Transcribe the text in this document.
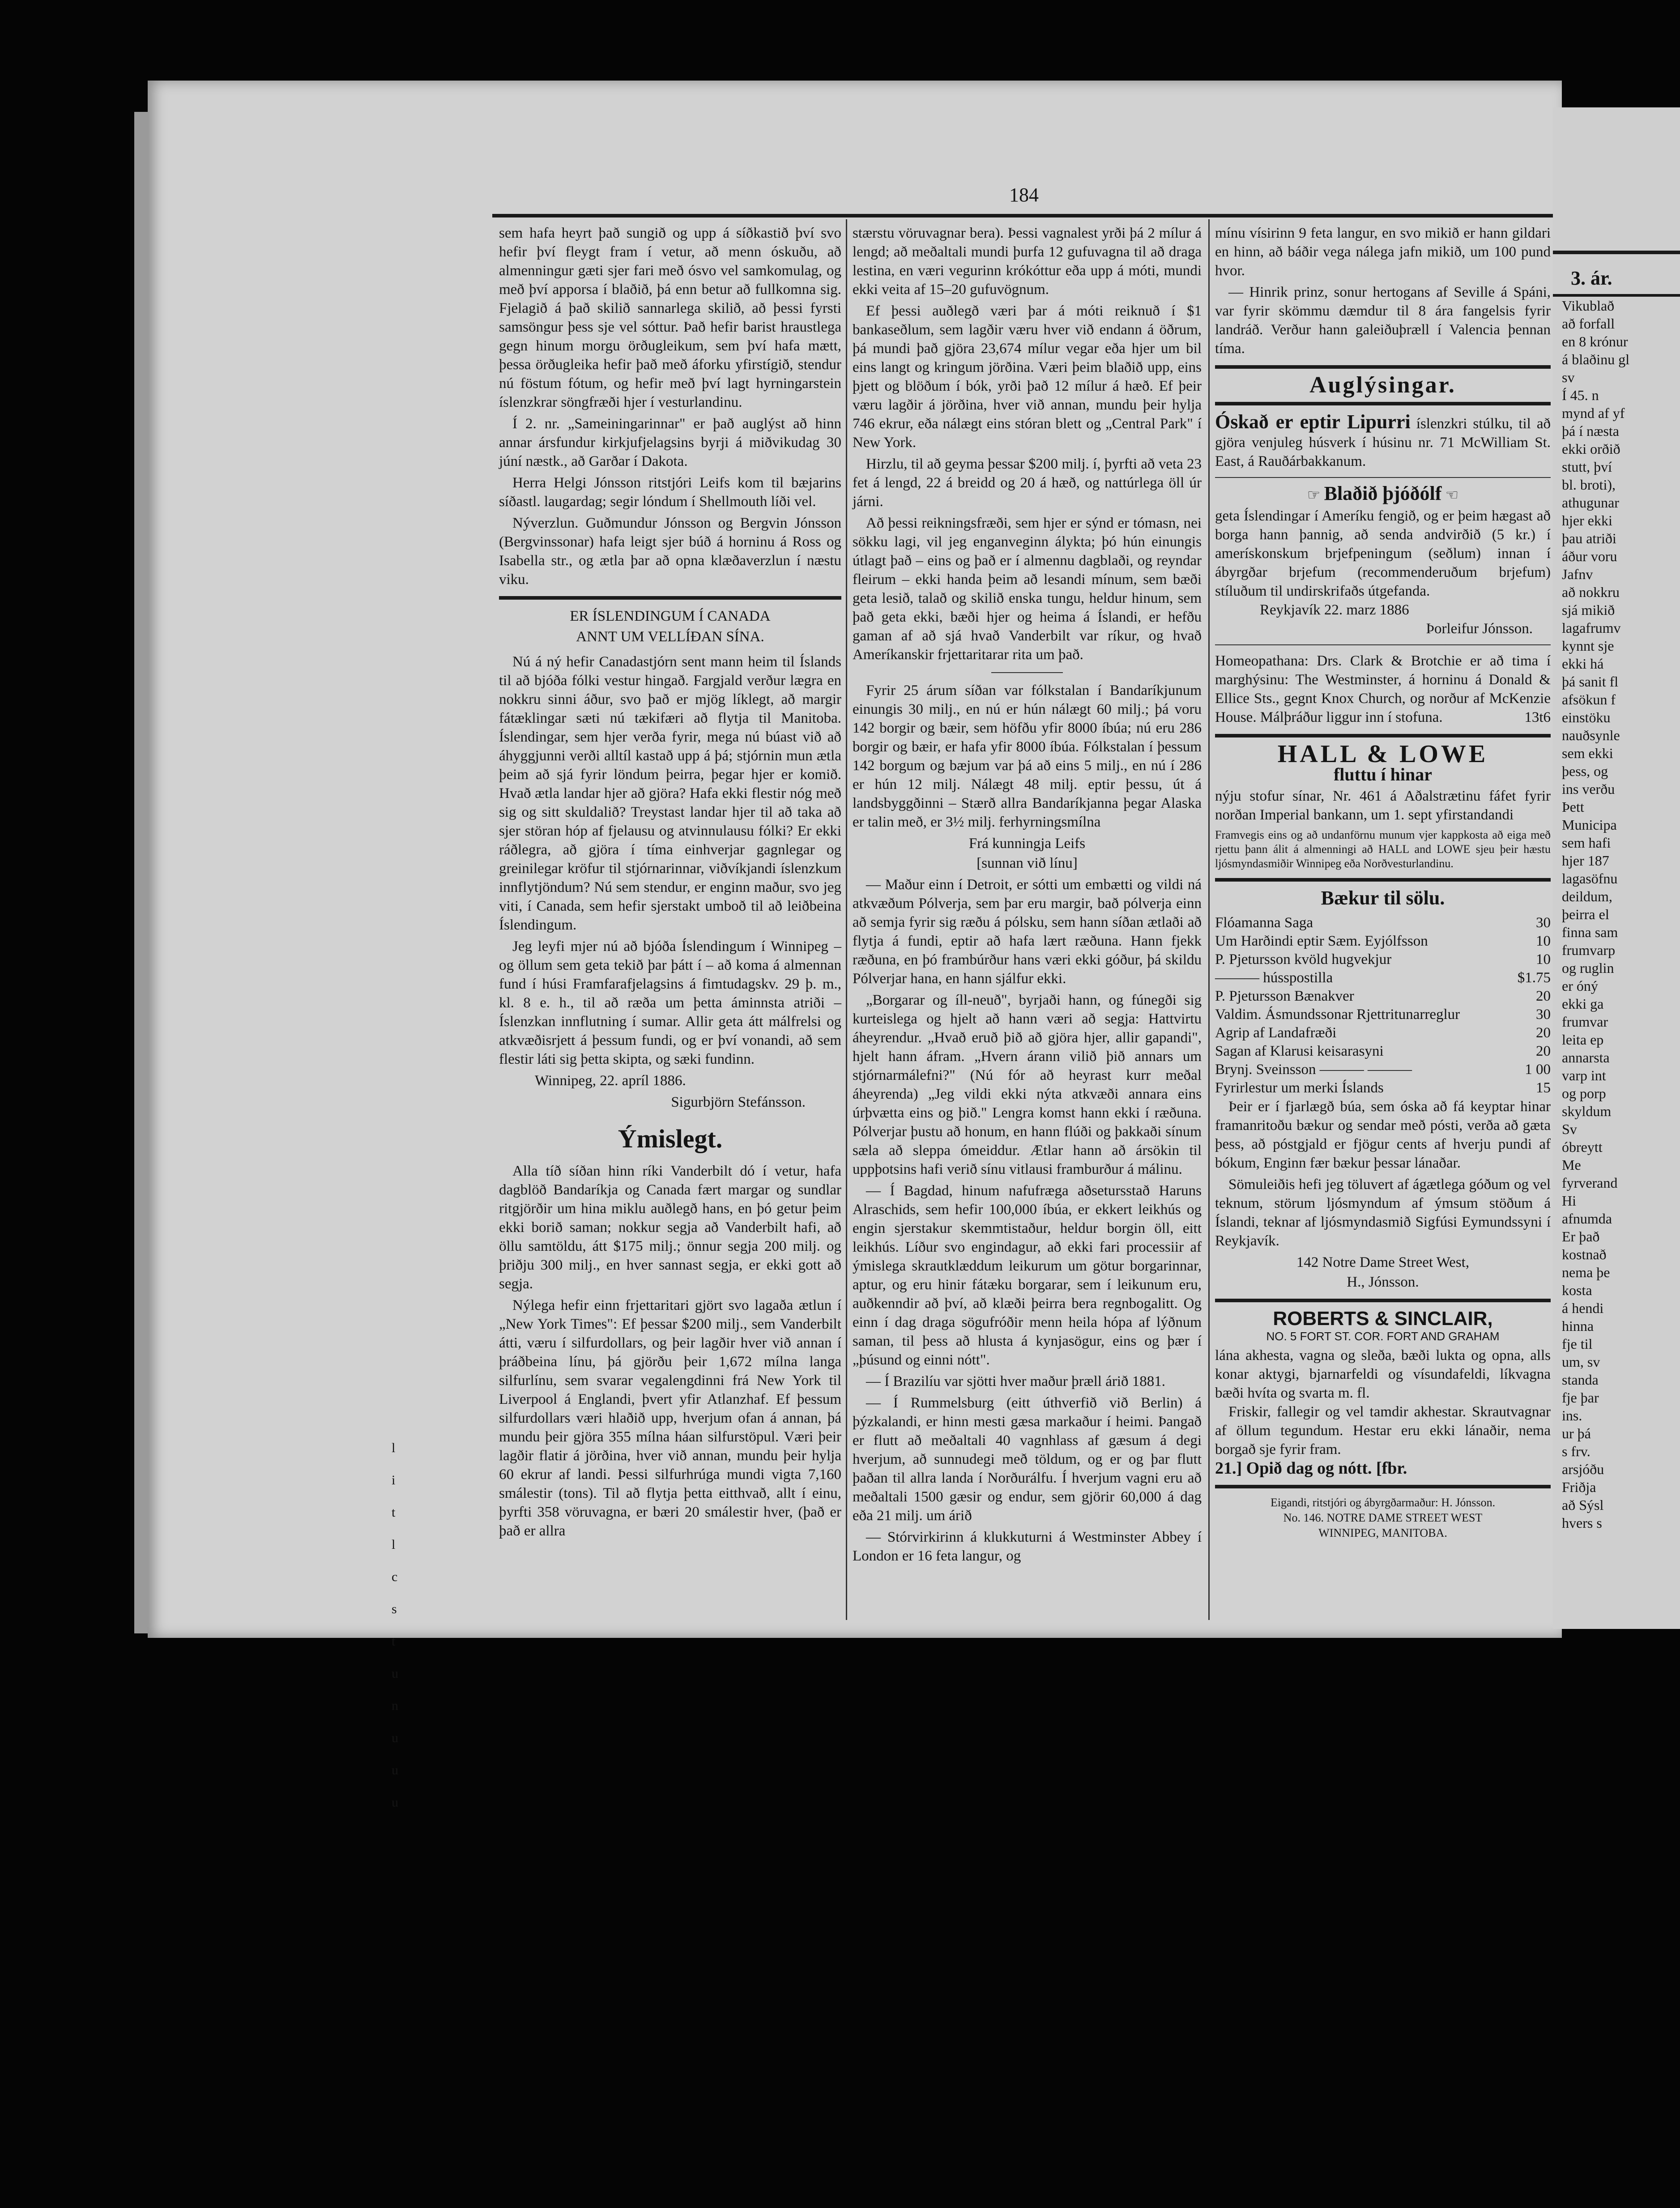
184
l
i
t
l
c
s
t
u
n
u
u
u

sem hafa heyrt það sungið og upp á síðkastið því svo hefir því fleygt fram í vetur, að menn óskuðu, að almenningur gæti sjer fari með ósvo vel samkomulag, og með því apporsa í blaðið, þá enn betur að fullkomna sig. Fjelagið á það skilið sannarlega skilið, að þessi fyrsti samsöngur þess sje vel sóttur. Það hefir barist hraustlega gegn hinum morgu örðugleikum, sem því hafa mætt, þessa örðugleika hefir það með áforku yfirstígið, stendur nú föstum fótum, og hefir með því lagt hyrningarstein íslenzkrar söngfræði hjer í vesturlandinu.

Í 2. nr. „Sameiningarinnar" er það auglýst að hinn annar ársfundur kirkjufjelagsins byrji á miðvikudag 30 júní næstk., að Garðar í Dakota.

Herra Helgi Jónsson ritstjóri Leifs kom til bæjarins síðastl. laugardag; segir lóndum í Shellmouth líði vel.

Nýverzlun. Guðmundur Jónsson og Bergvin Jónsson (Bergvinssonar) hafa leigt sjer búð á horninu á Ross og Isabella str., og ætla þar að opna klæðaverzlun í næstu viku.

ER ÍSLENDINGUM Í CANADA
ANNT UM VELLÍÐAN SÍNA.

Nú á ný hefir Canadastjórn sent mann heim til Íslands til að bjóða fólki vestur hingað. Fargjald verður lægra en nokkru sinni áður, svo það er mjög líklegt, að margir fátæklingar sæti nú tækifæri að flytja til Manitoba. Íslendingar, sem hjer verða fyrir, mega nú búast við að áhyggjunni verði alltíl kastað upp á þá; stjórnin mun ætla þeim að sjá fyrir löndum þeirra, þegar hjer er komið. Hvað ætla landar hjer að gjöra? Hafa ekki flestir nóg með sig og sitt skuldalið? Treystast landar hjer til að taka að sjer störan hóp af fjelausu og atvinnulausu fólki? Er ekki ráðlegra, að gjöra í tíma einhverjar gagnlegar og greinilegar kröfur til stjórnarinnar, viðvíkjandi íslenzkum innflytjöndum? Nú sem stendur, er enginn maður, svo jeg viti, í Canada, sem hefir sjerstakt umboð til að leiðbeina Íslendingum.

Jeg leyfi mjer nú að bjóða Íslendingum í Winnipeg – og öllum sem geta tekið þar þátt í – að koma á almennan fund í húsi Framfarafjelagsins á fimtudagskv. 29 þ. m., kl. 8 e. h., til að ræða um þetta áminnsta atriði – Íslenzkan innflutning í sumar. Allir geta átt málfrelsi og atkvæðisrjett á þessum fundi, og er því vonandi, að sem flestir láti sig þetta skipta, og sæki fundinn.

Winnipeg, 22. apríl 1886.

Sigurbjörn Stefánsson.
Ýmislegt.

Alla tíð síðan hinn ríki Vanderbilt dó í vetur, hafa dagblöð Bandaríkja og Canada fært margar og sundlar ritgjörðir um hina miklu auðlegð hans, en þó getur þeim ekki borið saman; nokkur segja að Vanderbilt hafi, að öllu samtöldu, átt $175 milj.; önnur segja 200 milj. og þriðju 300 milj., en hver sannast segja, er ekki gott að segja.

Nýlega hefir einn frjettaritari gjört svo lagaða ætlun í „New York Times": Ef þessar $200 milj., sem Vanderbilt átti, væru í silfurdollars, og þeir lagðir hver við annan í þráðbeina línu, þá gjörðu þeir 1,672 mílna langa silfurlínu, sem svarar vegalengdinni frá New York til Liverpool á Englandi, þvert yfir Atlanzhaf. Ef þessum silfurdollars væri hlaðið upp, hverjum ofan á annan, þá mundu þeir gjöra 355 mílna háan silfurstöpul. Væri þeir lagðir flatir á jörðina, hver við annan, mundu þeir hylja 60 ekrur af landi. Þessi silfurhrúga mundi vigta 7,160 smálestir (tons). Til að flytja þetta eitthvað, allt í einu, þyrfti 358 vöruvagna, er bæri 20 smálestir hver, (það er það er allra

stærstu vöruvagnar bera). Þessi vagnalest yrði þá 2 mílur á lengd; að meðaltali mundi þurfa 12 gufuvagna til að draga lestina, en væri vegurinn krókóttur eða upp á móti, mundi ekki veita af 15–20 gufuvögnum.

Ef þessi auðlegð væri þar á móti reiknuð í $1 bankaseðlum, sem lagðir væru hver við endann á öðrum, þá mundi það gjöra 23,674 mílur vegar eða hjer um bil eins langt og kringum jörðina. Væri þeim blaðið upp, eins þjett og blöðum í bók, yrði það 12 mílur á hæð. Ef þeir væru lagðir á jörðina, hver við annan, mundu þeir hylja 746 ekrur, eða nálægt eins stóran blett og „Central Park" í New York.

Hirzlu, til að geyma þessar $200 milj. í, þyrfti að veta 23 fet á lengd, 22 á breidd og 20 á hæð, og nattúrlega öll úr járni.

Að þessi reikningsfræði, sem hjer er sýnd er tómasn, nei sökku lagi, vil jeg enganveginn álykta; þó hún einungis útlagt það – eins og það er í almennu dagblaði, og reyndar fleirum – ekki handa þeim að lesandi mínum, sem bæði geta lesið, talað og skilið enska tungu, heldur hinum, sem það geta ekki, bæði hjer og heima á Íslandi, er hefðu gaman af að sjá hvað Vanderbilt var ríkur, og hvað Ameríkanskir frjettaritarar rita um það.

Fyrir 25 árum síðan var fólkstalan í Bandaríkjunum einungis 30 milj., en nú er hún nálægt 60 milj.; þá voru 142 borgir og bæir, sem höfðu yfir 8000 íbúa; nú eru 286 borgir og bæir, er hafa yfir 8000 íbúa. Fólkstalan í þessum 142 borgum og bæjum var þá að eins 5 milj., en nú í 286 er hún 12 milj. Nálægt 48 milj. eptir þessu, út á landsbyggðinni – Stærð allra Bandaríkjanna þegar Alaska er talin með, er 3½ milj. ferhyrningsmílna

Frá kunningja Leifs
[sunnan við línu]

— Maður einn í Detroit, er sótti um embætti og vildi ná atkvæðum Pólverja, sem þar eru margir, bað pólverja einn að semja fyrir sig ræðu á pólsku, sem hann síðan ætlaði að flytja á fundi, eptir að hafa lært ræðuna. Hann fjekk ræðuna, en þó frambúrður hans væri ekki góður, þá skildu Pólverjar hana, en hann sjálfur ekki.

„Borgarar og íll-neuð", byrjaði hann, og fúnegði sig kurteislega og hjelt að hann væri að segja: Hattvirtu áheyrendur. „Hvað eruð þið að gjöra hjer, allir gapandi", hjelt hann áfram. „Hvern árann vilið þið annars um stjórnarmálefni?" (Nú fór að heyrast kurr meðal áheyrenda) „Jeg vildi ekki nýta atkvæði annara eins úrþvætta eins og þið." Lengra komst hann ekki í ræðuna. Pólverjar þustu að honum, en hann flúði og þakkaði sínum sæla að sleppa ómeiddur. Ætlar hann að ársökin til uppþotsins hafi verið sínu vitlausi framburður á málinu.

— Í Bagdad, hinum nafufræga aðsetursstað Haruns Alraschids, sem hefir 100,000 íbúa, er ekkert leikhús og engin sjerstakur skemmtistaður, heldur borgin öll, eitt leikhús. Líður svo engindagur, að ekki fari processiir af ýmislega skrautklæddum leikurum um götur borgarinnar, aptur, og eru hinir fátæku borgarar, sem í leikunum eru, auðkenndir að því, að klæði þeirra bera regnbogalitt. Og einn í dag draga sögufróðir menn heila hópa af lýðnum saman, til þess að hlusta á kynjasögur, eins og þær í „þúsund og einni nótt".

— Í Brazilíu var sjötti hver maður þræll árið 1881.

— Í Rummelsburg (eitt úthverfið við Berlin) á þýzkalandi, er hinn mesti gæsa markaður í heimi. Þangað er flutt að meðaltali 40 vagnhlass af gæsum á degi hverjum, að sunnudegi með töldum, og er og þar flutt þaðan til allra landa í Norðurálfu. Í hverjum vagni eru að meðaltali 1500 gæsir og endur, sem gjörir 60,000 á dag eða 21 milj. um árið

— Stórvirkirinn á klukkuturni á Westminster Abbey í London er 16 feta langur, og

mínu vísirinn 9 feta langur, en svo mikið er hann gildari en hinn, að báðir vega nálega jafn mikið, um 100 pund hvor.

— Hinrik prinz, sonur hertogans af Seville á Spáni, var fyrir skömmu dæmdur til 8 ára fangelsis fyrir landráð. Verður hann galeiðuþræll í Valencia þennan tíma.

Auglýsingar.
Óskað er eptir Lipurri íslenzkri stúlku, til að gjöra venjuleg húsverk í húsinu nr. 71 McWilliam St. East, á Rauðárbakkanum.
☞ Blaðið þjóðólf ☜
geta Íslendingar í Ameríku fengið, og er þeim hægast að borga hann þannig, að senda andvirðið (5 kr.) í amerískonskum brjefpeningum (seðlum) innan í ábyrgðar brjefum (recommenderuðum brjefum) stíluðum til undirskrifaðs útgefanda.
Reykjavík 22. marz 1886
Þorleifur Jónsson.
Homeopathana: Drs. Clark & Brotchie er að tima í marghýsinu: The Westminster, á horninu á Donald & Ellice Sts., gegnt Knox Church, og norður af McKenzie House. Málþráður liggur inn í stofuna.	13t6
HALL & LOWE
fluttu í hinar
nýju stofur sínar, Nr. 461 á Aðalstrætinu fáfet fyrir norðan Imperial bankann, um 1. sept yfirstandandi
Framvegis eins og að undanförnu munum vjer kappkosta að eiga með rjettu þann álit á almenningi að HALL and LOWE sjeu þeir hæstu ljósmyndasmiðir Winnipeg eða Norðvesturlandinu.
Bækur til sölu.
Flóamanna Saga	30
Um Harðindi eptir Sæm. Eyjólfsson	10
P. Pjetursson kvöld hugvekjur	10
——— hússpostilla	$1.75
P. Pjetursson Bænakver	20
Valdim. Ásmundssonar Rjettritunarreglur	30
Agrip af Landafræði	20
Sagan af Klarusi keisarasyni	20
Brynj. Sveinsson ——— ———	1 00
Fyrirlestur um merki Íslands	15

Þeir er í fjarlægð búa, sem óska að fá keyptar hinar framanritoðu bækur og sendar með pósti, verða að gæta þess, að póstgjald er fjögur cents af hverju pundi af bókum, Enginn fær bækur þessar lánaðar.

Sömuleiðis hefi jeg töluvert af ágætlega góðum og vel teknum, störum ljósmyndum af ýmsum stöðum á Íslandi, teknar af ljósmyndasmið Sigfúsi Eymundssyni í Reykjavík.

142 Notre Dame Street West,
H., Jónsson.
ROBERTS & SINCLAIR,
NO. 5 FORT ST. COR. FORT AND GRAHAM
lána akhesta, vagna og sleða, bæði lukta og opna, alls konar aktygi, bjarnarfeldi og vísundafeldi, líkvagna bæði hvíta og svarta m. fl.
Friskir, fallegir og vel tamdir akhestar. Skrautvagnar af öllum tegundum. Hestar eru ekki lánaðir, nema borgað sje fyrir fram.
21.] Opið dag og nótt. [fbr.
Eigandi, ritstjóri og ábyrgðarmaður: H. Jónsson.
No. 146. NOTRE DAME STREET WEST
WINNIPEG, MANITOBA.
3. ár.
Vikublað
að forfall
en 8 krónur
á blaðinu gl
sv
Í 45. n
mynd af yf
þá í næsta
ekki orðið
stutt, því
bl. broti),
athugunar
hjer ekki
þau atriði
áður voru
Jafnv
að nokkru
sjá mikið
lagafrumv
kynnt sje
ekki há
þá sanit fl
afsökun f
einstöku
nauðsynle
sem ekki
þess, og
ins verðu
Þett
Municipa
sem hafi
hjer 187
lagasöfnu
deildum,
þeirra el
finna sam
frumvarp
og ruglin
er óný
ekki ga
frumvar
leita ep
annarsta
varp int
og porp
skyldum
Sv
óbreytt
Me
fyrverand
Hi
afnumda
Er það
kostnað
nema þe
kosta
á hendi
hinna
fje til
um, sv
standa
fje þar
ins.
ur þá
s frv.
arsjóðu
Friðja
að Sýsl
hvers s
